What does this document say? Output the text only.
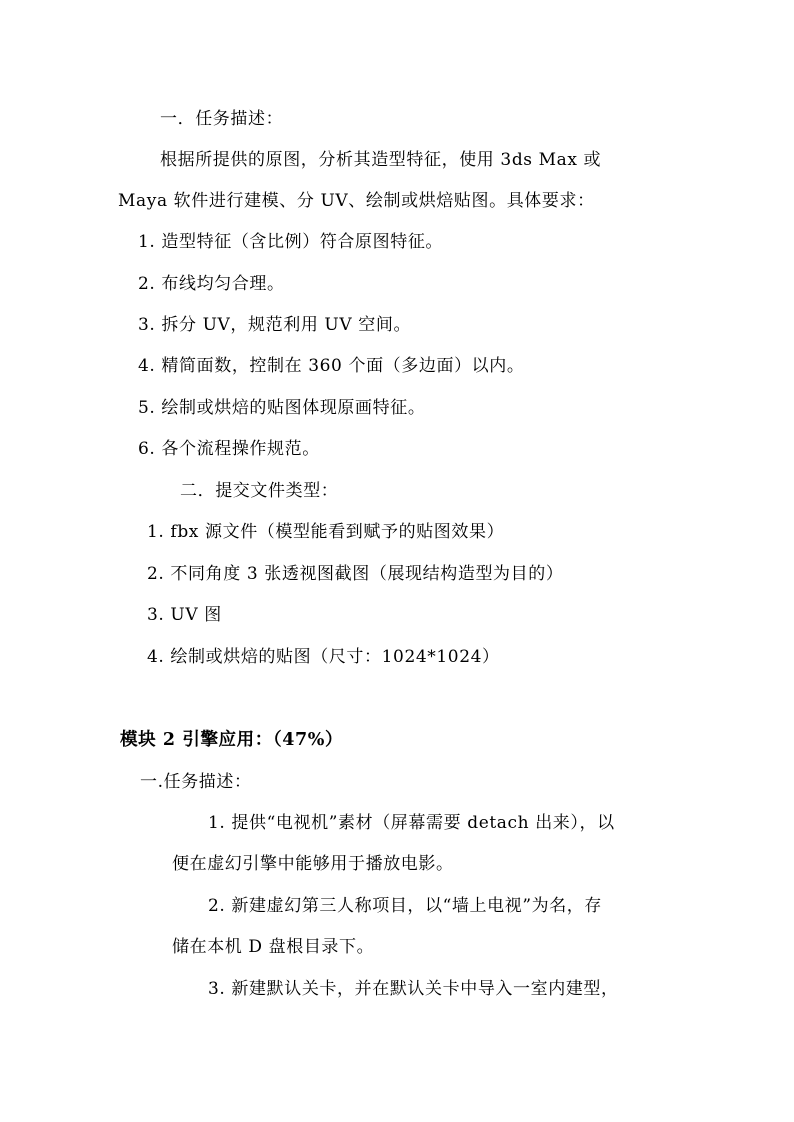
一．任务描述：
根据所提供的原图，分析其造型特征，使用 3ds Max 或
Maya 软件进行建模、分 UV、绘制或烘焙贴图。具体要求：
1. 造型特征（含比例）符合原图特征。
2. 布线均匀合理。
3. 拆分 UV，规范利用 UV 空间。
4. 精简面数，控制在 360 个面（多边面）以内。
5. 绘制或烘焙的贴图体现原画特征。
6. 各个流程操作规范。
二．提交文件类型：
1. fbx 源文件（模型能看到赋予的贴图效果）
2. 不同角度 3 张透视图截图（展现结构造型为目的）
3. UV 图
4. 绘制或烘焙的贴图（尺寸：1024*1024）
模块 2 引擎应用：（47%）
一.任务描述：
1. 提供“电视机”素材（屏幕需要 detach 出来），以
便在虚幻引擎中能够用于播放电影。
2. 新建虚幻第三人称项目，以“墙上电视”为名，存
储在本机 D 盘根目录下。
3. 新建默认关卡，并在默认关卡中导入一室内建型，
